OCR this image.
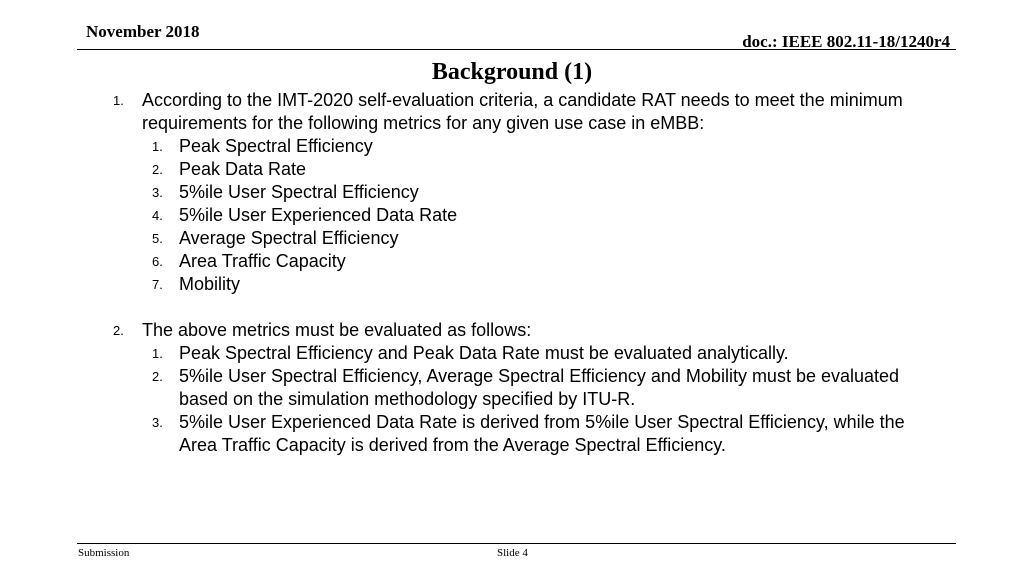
November 2018
doc.: IEEE 802.11-18/1240r4
Background (1)
1. According to the IMT-2020 self-evaluation criteria, a candidate RAT needs to meet the minimum
requirements for the following metrics for any given use case in eMBB:
1. Peak Spectral Efficiency
2. Peak Data Rate
3. 5%ile User Spectral Efficiency
4. 5%ile User Experienced Data Rate
5. Average Spectral Efficiency
6. Area Traffic Capacity
7. Mobility
2. The above metrics must be evaluated as follows:
1. Peak Spectral Efficiency and Peak Data Rate must be evaluated analytically.
2. 5%ile User Spectral Efficiency, Average Spectral Efficiency and Mobility must be evaluated
based on the simulation methodology specified by ITU-R.
3. 5%ile User Experienced Data Rate is derived from 5%ile User Spectral Efficiency, while the
Area Traffic Capacity is derived from the Average Spectral Efficiency.
Submission	Slide 4
